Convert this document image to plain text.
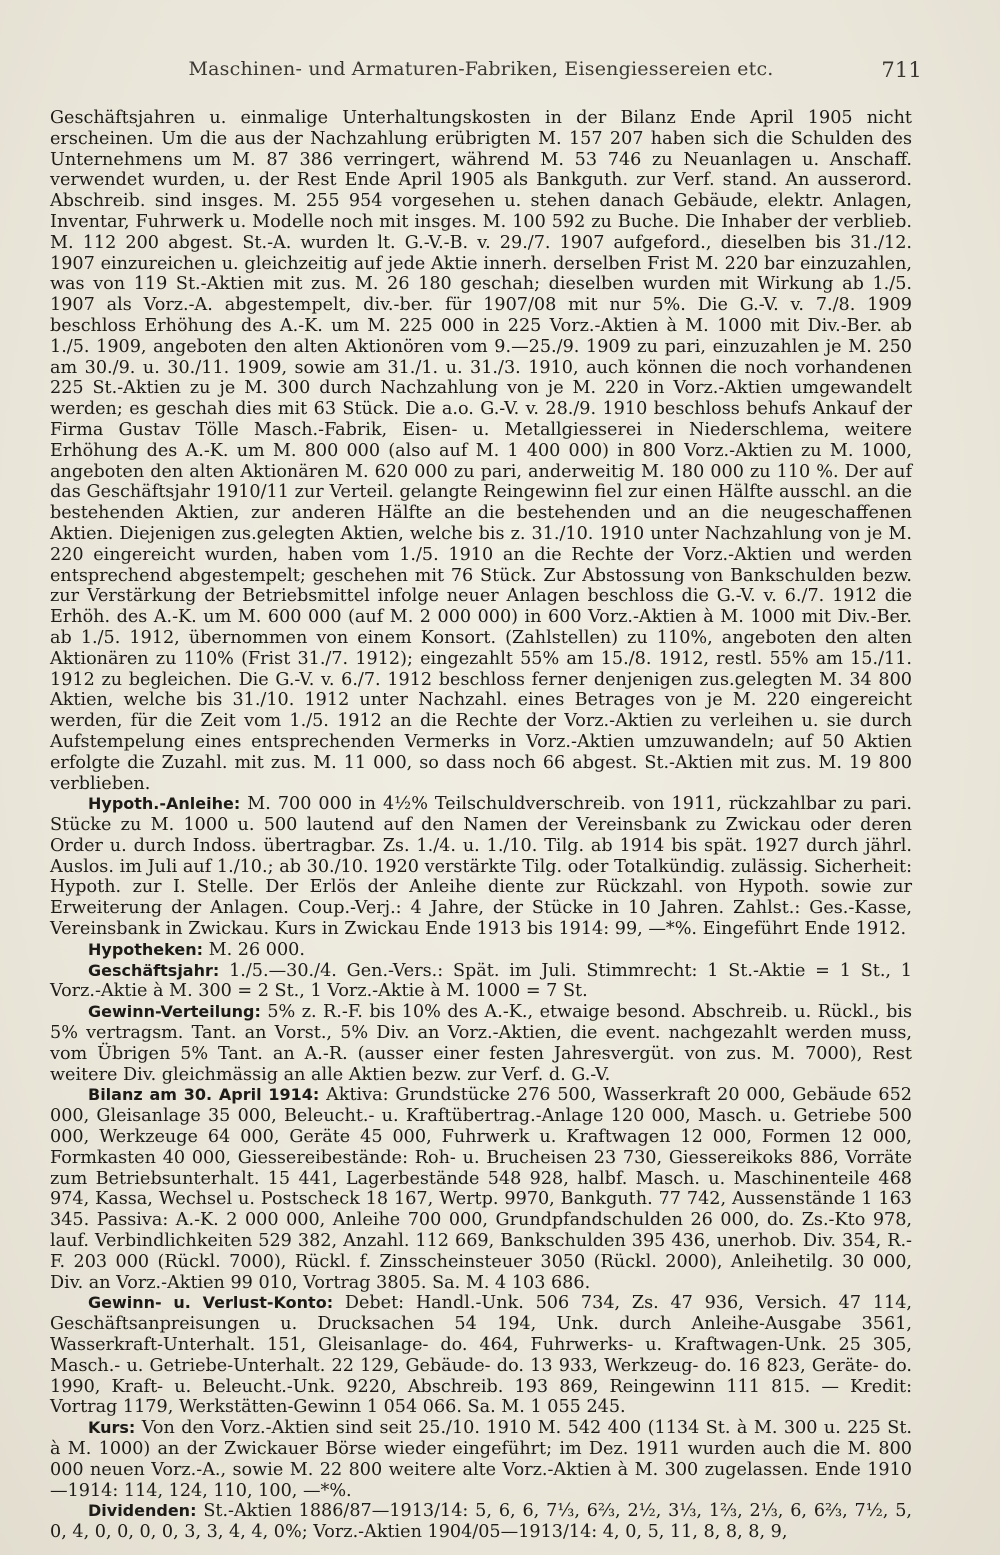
Maschinen- und Armaturen-Fabriken, Eisengiessereien etc.	711

Geschäftsjahren u. einmalige Unterhaltungskosten in der Bilanz Ende April 1905 nicht erscheinen. Um die aus der Nachzahlung erübrigten M. 157 207 haben sich die Schulden des Unternehmens um M. 87 386 verringert, während M. 53 746 zu Neuanlagen u. Anschaff. verwendet wurden, u. der Rest Ende April 1905 als Bankguth. zur Verf. stand. An ausserord. Abschreib. sind insges. M. 255 954 vorgesehen u. stehen danach Gebäude, elektr. Anlagen, Inventar, Fuhrwerk u. Modelle noch mit insges. M. 100 592 zu Buche. Die Inhaber der verblieb. M. 112 200 abgest. St.-A. wurden lt. G.-V.-B. v. 29./7. 1907 aufgeford., dieselben bis 31./12. 1907 einzureichen u. gleichzeitig auf jede Aktie innerh. derselben Frist M. 220 bar einzuzahlen, was von 119 St.-Aktien mit zus. M. 26 180 geschah; dieselben wurden mit Wirkung ab 1./5. 1907 als Vorz.-A. abgestempelt, div.-ber. für 1907/08 mit nur 5%. Die G.-V. v. 7./8. 1909 beschloss Erhöhung des A.-K. um M. 225 000 in 225 Vorz.-Aktien à M. 1000 mit Div.-Ber. ab 1./5. 1909, angeboten den alten Aktionören vom 9.—25./9. 1909 zu pari, einzuzahlen je M. 250 am 30./9. u. 30./11. 1909, sowie am 31./1. u. 31./3. 1910, auch können die noch vorhandenen 225 St.-Aktien zu je M. 300 durch Nachzahlung von je M. 220 in Vorz.-Aktien umgewandelt werden; es geschah dies mit 63 Stück. Die a.o. G.-V. v. 28./9. 1910 beschloss behufs Ankauf der Firma Gustav Tölle Masch.-Fabrik, Eisen- u. Metallgiesserei in Niederschlema, weitere Erhöhung des A.-K. um M. 800 000 (also auf M. 1 400 000) in 800 Vorz.-Aktien zu M. 1000, angeboten den alten Aktionären M. 620 000 zu pari, anderweitig M. 180 000 zu 110 %. Der auf das Geschäftsjahr 1910/11 zur Verteil. gelangte Reingewinn fiel zur einen Hälfte ausschl. an die bestehenden Aktien, zur anderen Hälfte an die bestehenden und an die neugeschaffenen Aktien. Diejenigen zus.gelegten Aktien, welche bis z. 31./10. 1910 unter Nachzahlung von je M. 220 eingereicht wurden, haben vom 1./5. 1910 an die Rechte der Vorz.-Aktien und werden entsprechend abgestempelt; geschehen mit 76 Stück. Zur Abstossung von Bankschulden bezw. zur Verstärkung der Betriebsmittel infolge neuer Anlagen beschloss die G.-V. v. 6./7. 1912 die Erhöh. des A.-K. um M. 600 000 (auf M. 2 000 000) in 600 Vorz.-Aktien à M. 1000 mit Div.-Ber. ab 1./5. 1912, übernommen von einem Konsort. (Zahlstellen) zu 110%, angeboten den alten Aktionären zu 110% (Frist 31./7. 1912); eingezahlt 55% am 15./8. 1912, restl. 55% am 15./11. 1912 zu begleichen. Die G.-V. v. 6./7. 1912 beschloss ferner denjenigen zus.gelegten M. 34 800 Aktien, welche bis 31./10. 1912 unter Nachzahl. eines Betrages von je M. 220 eingereicht werden, für die Zeit vom 1./5. 1912 an die Rechte der Vorz.-Aktien zu verleihen u. sie durch Aufstempelung eines entsprechenden Vermerks in Vorz.-Aktien umzuwandeln; auf 50 Aktien erfolgte die Zuzahl. mit zus. M. 11 000, so dass noch 66 abgest. St.-Aktien mit zus. M. 19 800 verblieben.

Hypoth.-Anleihe: M. 700 000 in 4½% Teilschuldverschreib. von 1911, rückzahlbar zu pari. Stücke zu M. 1000 u. 500 lautend auf den Namen der Vereinsbank zu Zwickau oder deren Order u. durch Indoss. übertragbar. Zs. 1./4. u. 1./10. Tilg. ab 1914 bis spät. 1927 durch jährl. Auslos. im Juli auf 1./10.; ab 30./10. 1920 verstärkte Tilg. oder Totalkündig. zulässig. Sicherheit: Hypoth. zur I. Stelle. Der Erlös der Anleihe diente zur Rückzahl. von Hypoth. sowie zur Erweiterung der Anlagen. Coup.-Verj.: 4 Jahre, der Stücke in 10 Jahren. Zahlst.: Ges.-Kasse, Vereinsbank in Zwickau. Kurs in Zwickau Ende 1913 bis 1914: 99, —*%. Eingeführt Ende 1912.

Hypotheken: M. 26 000.

Geschäftsjahr: 1./5.—30./4. Gen.-Vers.: Spät. im Juli. Stimmrecht: 1 St.-Aktie = 1 St., 1 Vorz.-Aktie à M. 300 = 2 St., 1 Vorz.-Aktie à M. 1000 = 7 St.

Gewinn-Verteilung: 5% z. R.-F. bis 10% des A.-K., etwaige besond. Abschreib. u. Rückl., bis 5% vertragsm. Tant. an Vorst., 5% Div. an Vorz.-Aktien, die event. nachgezahlt werden muss, vom Übrigen 5% Tant. an A.-R. (ausser einer festen Jahresvergüt. von zus. M. 7000), Rest weitere Div. gleichmässig an alle Aktien bezw. zur Verf. d. G.-V.

Bilanz am 30. April 1914: Aktiva: Grundstücke 276 500, Wasserkraft 20 000, Gebäude 652 000, Gleisanlage 35 000, Beleucht.- u. Kraftübertrag.-Anlage 120 000, Masch. u. Getriebe 500 000, Werkzeuge 64 000, Geräte 45 000, Fuhrwerk u. Kraftwagen 12 000, Formen 12 000, Formkasten 40 000, Giessereibestände: Roh- u. Brucheisen 23 730, Giessereikoks 886, Vorräte zum Betriebsunterhalt. 15 441, Lagerbestände 548 928, halbf. Masch. u. Maschinenteile 468 974, Kassa, Wechsel u. Postscheck 18 167, Wertp. 9970, Bankguth. 77 742, Aussenstände 1 163 345. Passiva: A.-K. 2 000 000, Anleihe 700 000, Grundpfandschulden 26 000, do. Zs.-Kto 978, lauf. Verbindlichkeiten 529 382, Anzahl. 112 669, Bankschulden 395 436, unerhob. Div. 354, R.-F. 203 000 (Rückl. 7000), Rückl. f. Zinsscheinsteuer 3050 (Rückl. 2000), Anleihetilg. 30 000, Div. an Vorz.-Aktien 99 010, Vortrag 3805. Sa. M. 4 103 686.

Gewinn- u. Verlust-Konto: Debet: Handl.-Unk. 506 734, Zs. 47 936, Versich. 47 114, Geschäftsanpreisungen u. Drucksachen 54 194, Unk. durch Anleihe-Ausgabe 3561, Wasserkraft-Unterhalt. 151, Gleisanlage- do. 464, Fuhrwerks- u. Kraftwagen-Unk. 25 305, Masch.- u. Getriebe-Unterhalt. 22 129, Gebäude- do. 13 933, Werkzeug- do. 16 823, Geräte- do. 1990, Kraft- u. Beleucht.-Unk. 9220, Abschreib. 193 869, Reingewinn 111 815. — Kredit: Vortrag 1179, Werkstätten-Gewinn 1 054 066. Sa. M. 1 055 245.

Kurs: Von den Vorz.-Aktien sind seit 25./10. 1910 M. 542 400 (1134 St. à M. 300 u. 225 St. à M. 1000) an der Zwickauer Börse wieder eingeführt; im Dez. 1911 wurden auch die M. 800 000 neuen Vorz.-A., sowie M. 22 800 weitere alte Vorz.-Aktien à M. 300 zugelassen. Ende 1910—1914: 114, 124, 110, 100, —*%.

Dividenden: St.-Aktien 1886/87—1913/14: 5, 6, 6, 7⅓, 6⅔, 2½, 3⅓, 1⅔, 2⅓, 6, 6⅔, 7½, 5, 0, 4, 0, 0, 0, 0, 3, 3, 4, 4, 0%; Vorz.-Aktien 1904/05—1913/14: 4, 0, 5, 11, 8, 8, 8, 9,
